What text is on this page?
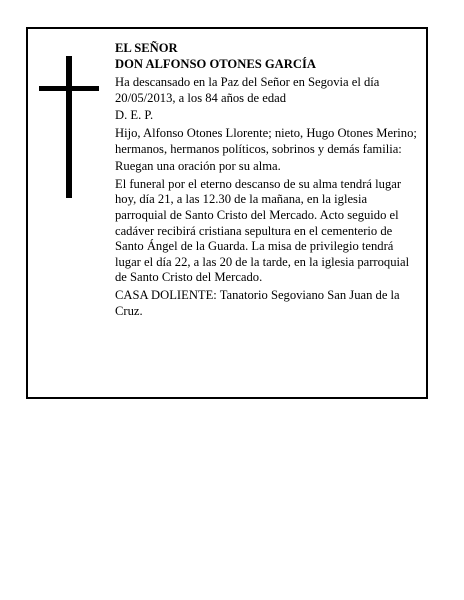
EL SEÑOR

DON ALFONSO OTONES GARCÍA

Ha descansado en la Paz del Señor en Segovia el día 20/05/2013, a los 84 años de edad

D. E. P.

Hijo, Alfonso Otones Llorente; nieto, Hugo Otones Merino; hermanos, hermanos políticos, sobrinos y demás familia:

Ruegan una oración por su alma.

El funeral por el eterno descanso de su alma tendrá lugar hoy, día 21, a las 12.30 de la mañana, en la iglesia parroquial de Santo Cristo del Mercado. Acto seguido el cadáver recibirá cristiana sepultura en el cementerio de Santo Ángel de la Guarda. La misa de privilegio tendrá lugar el día 22, a las 20 de la tarde, en la iglesia parroquial de Santo Cristo del Mercado.

CASA DOLIENTE: Tanatorio Segoviano San Juan de la Cruz.
